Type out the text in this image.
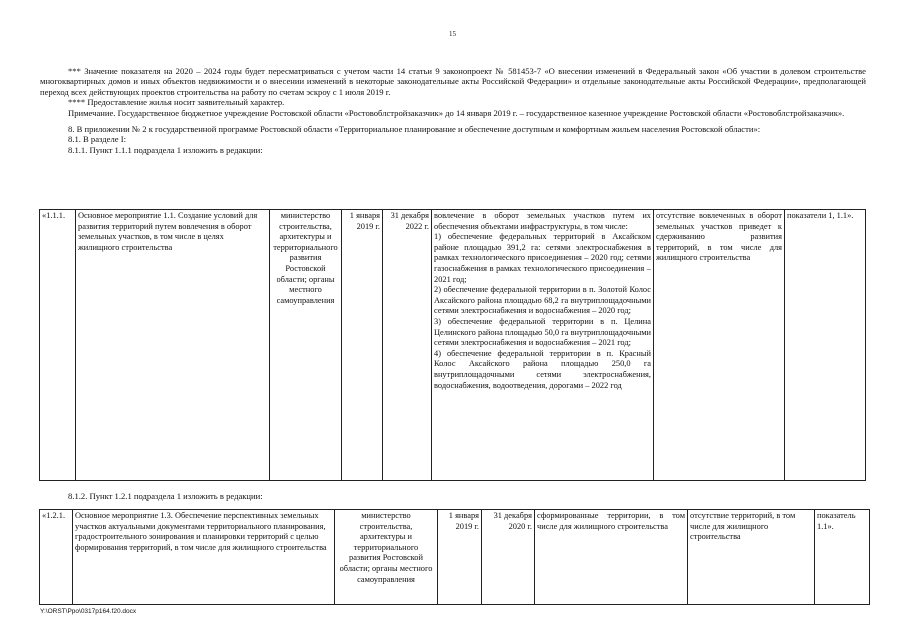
15

*** Значение показателя на 2020 – 2024 годы будет пересматриваться с учетом части 14 статьи 9 законопроект № 581453-7 «О внесении изменений в Федеральный закон «Об участии в долевом строительстве многоквартирных домов и иных объектов недвижимости и о внесении изменений в некоторые законодательные акты Российской Федерации» и отдельные законодательные акты Российской Федерации», предполагающей переход всех действующих проектов строительства на работу по счетам эскроу с 1 июля 2019 г.

**** Предоставление жилья носит заявительный характер.

Примечание. Государственное бюджетное учреждение Ростовской области «Ростовоблстройзаказчик» до 14 января 2019 г. – государственное казенное учреждение Ростовской области «Ростовоблстройзаказчик».

8. В приложении № 2 к государственной программе Ростовской области «Территориальное планирование и обеспечение доступным и комфортным жильем населения Ростовской области»:

8.1. В разделе I:

8.1.1. Пункт 1.1.1 подраздела 1 изложить в редакции:

«1.1.1.	Основное мероприятие 1.1. Создание условий для развития территорий путем вовлечения в оборот земельных участков, в том числе в целях жилищного строительства	министерство строительства, архитектуры и территориального развития Ростовской области; органы местного самоуправления	1 января 2019 г.	31 декабря 2022 г.	

вовлечение в оборот земельных участков путем их обеспечения объектами инфраструктуры, в том числе:

1) обеспечение федеральных территорий в Аксайском районе площадью 391,2 га: сетями электроснабжения в рамках технологического присоединения – 2020 год; сетями газоснабжения в рамках технологического присоединения – 2021 год;

2) обеспечение федеральной территории в п. Золотой Колос Аксайского района площадью 68,2 га внутриплощадочными сетями электроснабжения и водоснабжения – 2020 год;

3) обеспечение федеральной территории в п. Целина Целинского района площадью 50,0 га внутриплощадочными сетями электроснабжения и водоснабжения – 2021 год;

4) обеспечение федеральной территории в п. Красный Колос Аксайского района площадью 250,0 га внутриплощадочными сетями электроснабжения, водоснабжения, водоотведения, дорогами – 2022 год

	отсутствие вовлеченных в оборот земельных участков приведет к сдерживанию развития территорий, в том числе для жилищного строительства	показатели 1, 1.1».
8.1.2. Пункт 1.2.1 подраздела 1 изложить в редакции:
«1.2.1.	Основное мероприятие 1.3. Обеспечение перспективных земельных участков актуальными документами территориального планирования, градостроительного зонирования и планировки территорий с целью формирования территорий, в том числе для жилищного строительства	министерство строительства, архитектуры и территориального развития Ростовской области; органы местного самоуправления	1 января 2019 г.	31 декабря 2020 г.	сформированные территории, в том числе для жилищного строительства	отсутствие территорий, в том числе для жилищного строительства	показатель 1.1».
Y:\ORST\Ppo\0317p164.f20.docx
